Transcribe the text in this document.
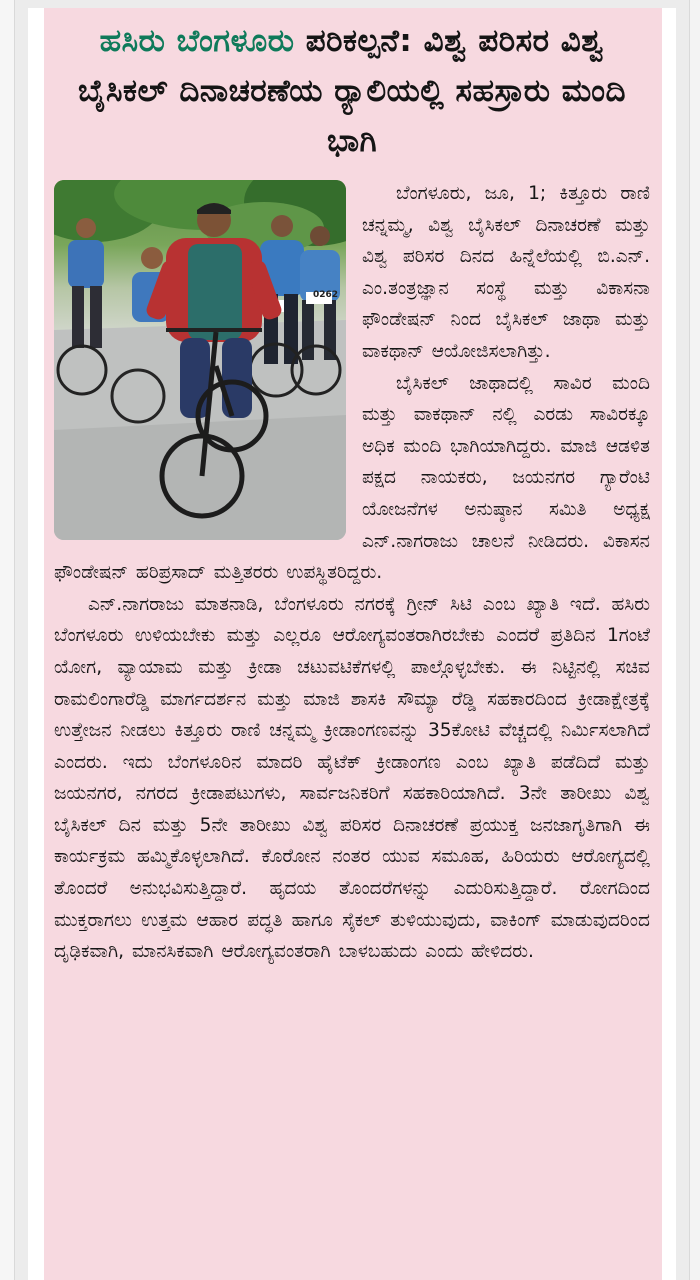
ಹಸಿರು ಬೆಂಗಳೂರು ಪರಿಕಲ್ಪನೆ: ವಿಶ್ವ ಪರಿಸರ ವಿಶ್ವ ಬೈಸಿಕಲ್ ದಿನಾಚರಣೆಯ ರ್‍ಯಾಲಿಯಲ್ಲಿ ಸಹಸ್ರಾರು ಮಂದಿ ಭಾಗಿ
0262

ಬೆಂಗಳೂರು, ಜೂ, 1; ಕಿತ್ತೂರು ರಾಣಿ ಚನ್ನಮ್ಮ, ವಿಶ್ವ ಬೈಸಿಕಲ್ ದಿನಾಚರಣೆ ಮತ್ತು ವಿಶ್ವ ಪರಿಸರ ದಿನದ ಹಿನ್ನೆಲೆಯಲ್ಲಿ ಬಿ.ಎನ್. ಎಂ.ತಂತ್ರಜ್ಞಾನ ಸಂಸ್ಥೆ ಮತ್ತು ವಿಕಾಸನಾ ಫೌಂಡೇಷನ್ ನಿಂದ ಬೈಸಿಕಲ್ ಜಾಥಾ ಮತ್ತು ವಾಕಥಾನ್ ಆಯೋಜಿಸಲಾಗಿತ್ತು.

ಬೈಸಿಕಲ್ ಜಾಥಾದಲ್ಲಿ ಸಾವಿರ ಮಂದಿ ಮತ್ತು ವಾಕಥಾನ್ ನಲ್ಲಿ ಎರಡು ಸಾವಿರಕ್ಕೂ ಅಧಿಕ ಮಂದಿ ಭಾಗಿಯಾಗಿದ್ದರು. ಮಾಜಿ ಆಡಳಿತ ಪಕ್ಷದ ನಾಯಕರು, ಜಯನಗರ ಗ್ಯಾರೆಂಟಿ ಯೋಜನೆಗಳ ಅನುಷ್ಠಾನ ಸಮಿತಿ ಅಧ್ಯಕ್ಷ ಎನ್.ನಾಗರಾಜು ಚಾಲನೆ ನೀಡಿದರು. ವಿಕಾಸನ ಫೌಂಡೇಷನ್ ಹರಿಪ್ರಸಾದ್ ಮತ್ತಿತರರು ಉಪಸ್ಥಿತರಿದ್ದರು.

ಎನ್.ನಾಗರಾಜು ಮಾತನಾಡಿ, ಬೆಂಗಳೂರು ನಗರಕ್ಕೆ ಗ್ರೀನ್ ಸಿಟಿ ಎಂಬ ಖ್ಯಾತಿ ಇದೆ. ಹಸಿರು ಬೆಂಗಳೂರು ಉಳಿಯಬೇಕು ಮತ್ತು ಎಲ್ಲರೂ ಆರೋಗ್ಯವಂತರಾಗಿರಬೇಕು ಎಂದರೆ ಪ್ರತಿದಿನ 1ಗಂಟೆ ಯೋಗ, ವ್ಯಾಯಾಮ ಮತ್ತು ಕ್ರೀಡಾ ಚಟುವಟಿಕೆಗಳಲ್ಲಿ ಪಾಲ್ಗೊಳ್ಳಬೇಕು. ಈ ನಿಟ್ಟಿನಲ್ಲಿ ಸಚಿವ ರಾಮಲಿಂಗಾರೆಡ್ಡಿ ಮಾರ್ಗದರ್ಶನ ಮತ್ತು ಮಾಜಿ ಶಾಸಕಿ ಸೌಮ್ಯಾ ರೆಡ್ಡಿ ಸಹಕಾರದಿಂದ ಕ್ರೀಡಾಕ್ಷೇತ್ರಕ್ಕೆ ಉತ್ತೇಜನ ನೀಡಲು ಕಿತ್ತೂರು ರಾಣಿ ಚನ್ನಮ್ಮ ಕ್ರೀಡಾಂಗಣವನ್ನು 35ಕೋಟಿ ವೆಚ್ಚದಲ್ಲಿ ನಿರ್ಮಿಸಲಾಗಿದೆ ಎಂದರು. ಇದು ಬೆಂಗಳೂರಿನ ಮಾದರಿ ಹೈಟೆಕ್ ಕ್ರೀಡಾಂಗಣ ಎಂಬ ಖ್ಯಾತಿ ಪಡೆದಿದೆ ಮತ್ತು ಜಯನಗರ, ನಗರದ ಕ್ರೀಡಾಪಟುಗಳು, ಸಾರ್ವಜನಿಕರಿಗೆ ಸಹಕಾರಿಯಾಗಿದೆ. 3ನೇ ತಾರೀಖು ವಿಶ್ವ ಬೈಸಿಕಲ್ ದಿನ ಮತ್ತು 5ನೇ ತಾರೀಖು ವಿಶ್ವ ಪರಿಸರ ದಿನಾಚರಣೆ ಪ್ರಯುಕ್ತ ಜನಜಾಗೃತಿಗಾಗಿ ಈ ಕಾರ್ಯಕ್ರಮ ಹಮ್ಮಿಕೊಳ್ಳಲಾಗಿದೆ. ಕೊರೋನ ನಂತರ ಯುವ ಸಮೂಹ, ಹಿರಿಯರು ಆರೋಗ್ಯದಲ್ಲಿ ತೊಂದರೆ ಅನುಭವಿಸುತ್ತಿದ್ದಾರೆ. ಹೃದಯ ತೊಂದರೆಗಳನ್ನು ಎದುರಿಸುತ್ತಿದ್ದಾರೆ. ರೋಗದಿಂದ ಮುಕ್ತರಾಗಲು ಉತ್ತಮ ಆಹಾರ ಪದ್ಧತಿ ಹಾಗೂ ಸೈಕಲ್ ತುಳಿಯುವುದು, ವಾಕಿಂಗ್ ಮಾಡುವುದರಿಂದ ದೃಢಿಕವಾಗಿ, ಮಾನಸಿಕವಾಗಿ ಆರೋಗ್ಯವಂತರಾಗಿ ಬಾಳಬಹುದು ಎಂದು ಹೇಳಿದರು.
